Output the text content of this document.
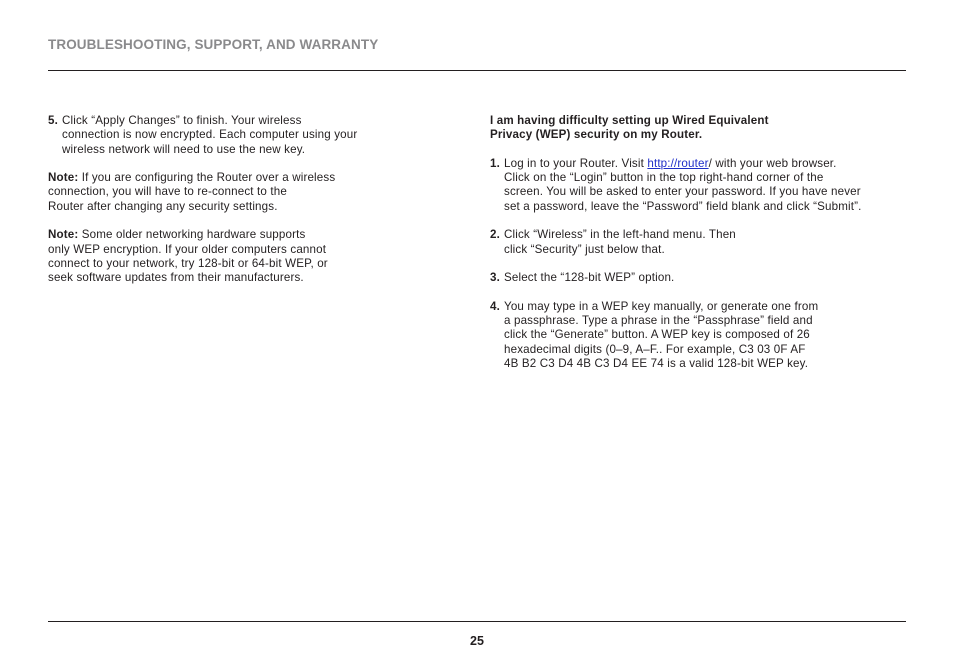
TROUBLESHOOTING, SUPPORT, AND WARRANTY
5. Click “Apply Changes” to finish. Your wireless
connection is now encrypted. Each computer using your
wireless network will need to use the new key.

Note: If you are configuring the Router over a wireless
connection, you will have to re-connect to the
Router after changing any security settings.

Note: Some older networking hardware supports
only WEP encryption. If your older computers cannot
connect to your network, try 128-bit or 64-bit WEP, or
seek software updates from their manufacturers.

I am having difficulty setting up Wired Equivalent
Privacy (WEP) security on my Router.

1. Log in to your Router. Visit http://router/ with your web browser.
Click on the “Login” button in the top right-hand corner of the
screen. You will be asked to enter your password. If you have never
set a password, leave the “Password” field blank and click “Submit”.
2. Click “Wireless” in the left-hand menu. Then
click “Security” just below that.
3. Select the “128-bit WEP” option.
4. You may type in a WEP key manually, or generate one from
a passphrase. Type a phrase in the “Passphrase” field and
click the “Generate” button. A WEP key is composed of 26
hexadecimal digits (0–9, A–F.. For example, C3 03 0F AF
4B B2 C3 D4 4B C3 D4 EE 74 is a valid 128-bit WEP key.
25
